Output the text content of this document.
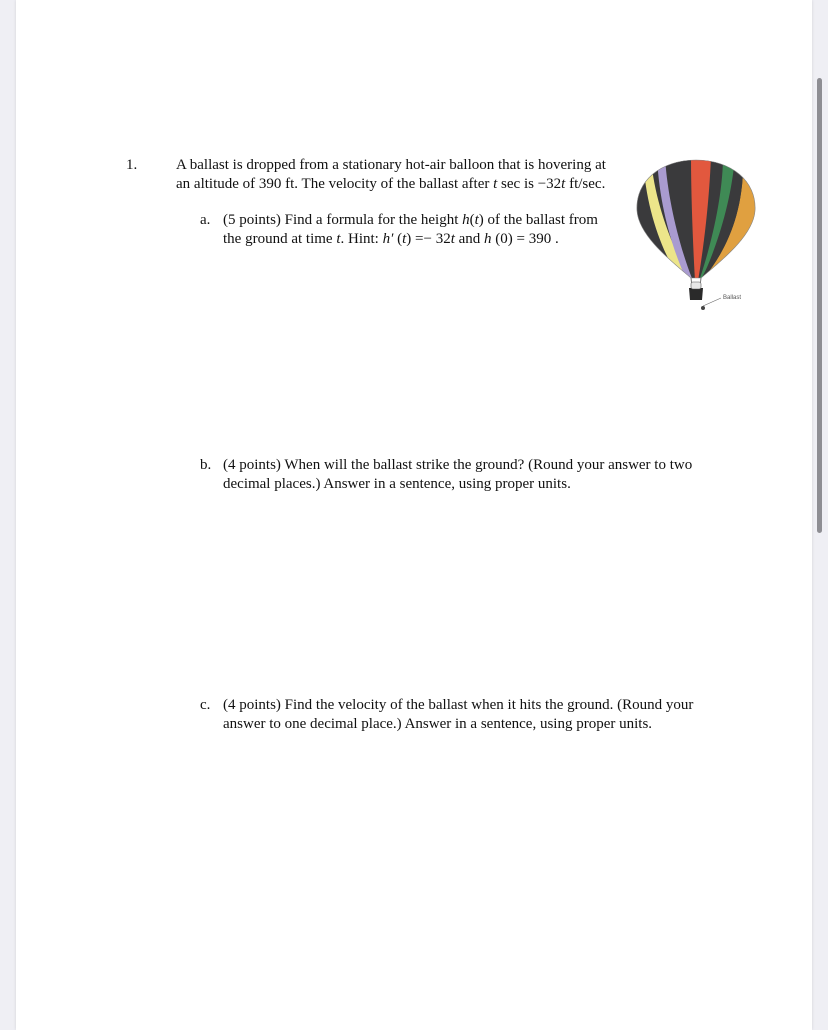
1.	A ballast is dropped from a stationary hot-air balloon that is hovering at
an altitude of 390 ft. The velocity of the ballast after t sec is −32t ft/sec.
a. (5 points) Find a formula for the height h(t) of the ballast from
the ground at time t. Hint: h′ (t) =− 32t and h (0) = 390 .
b. (4 points) When will the ballast strike the ground? (Round your answer to two
decimal places.) Answer in a sentence, using proper units.
c. (4 points) Find the velocity of the ballast when it hits the ground. (Round your
answer to one decimal place.) Answer in a sentence, using proper units.
Ballast
